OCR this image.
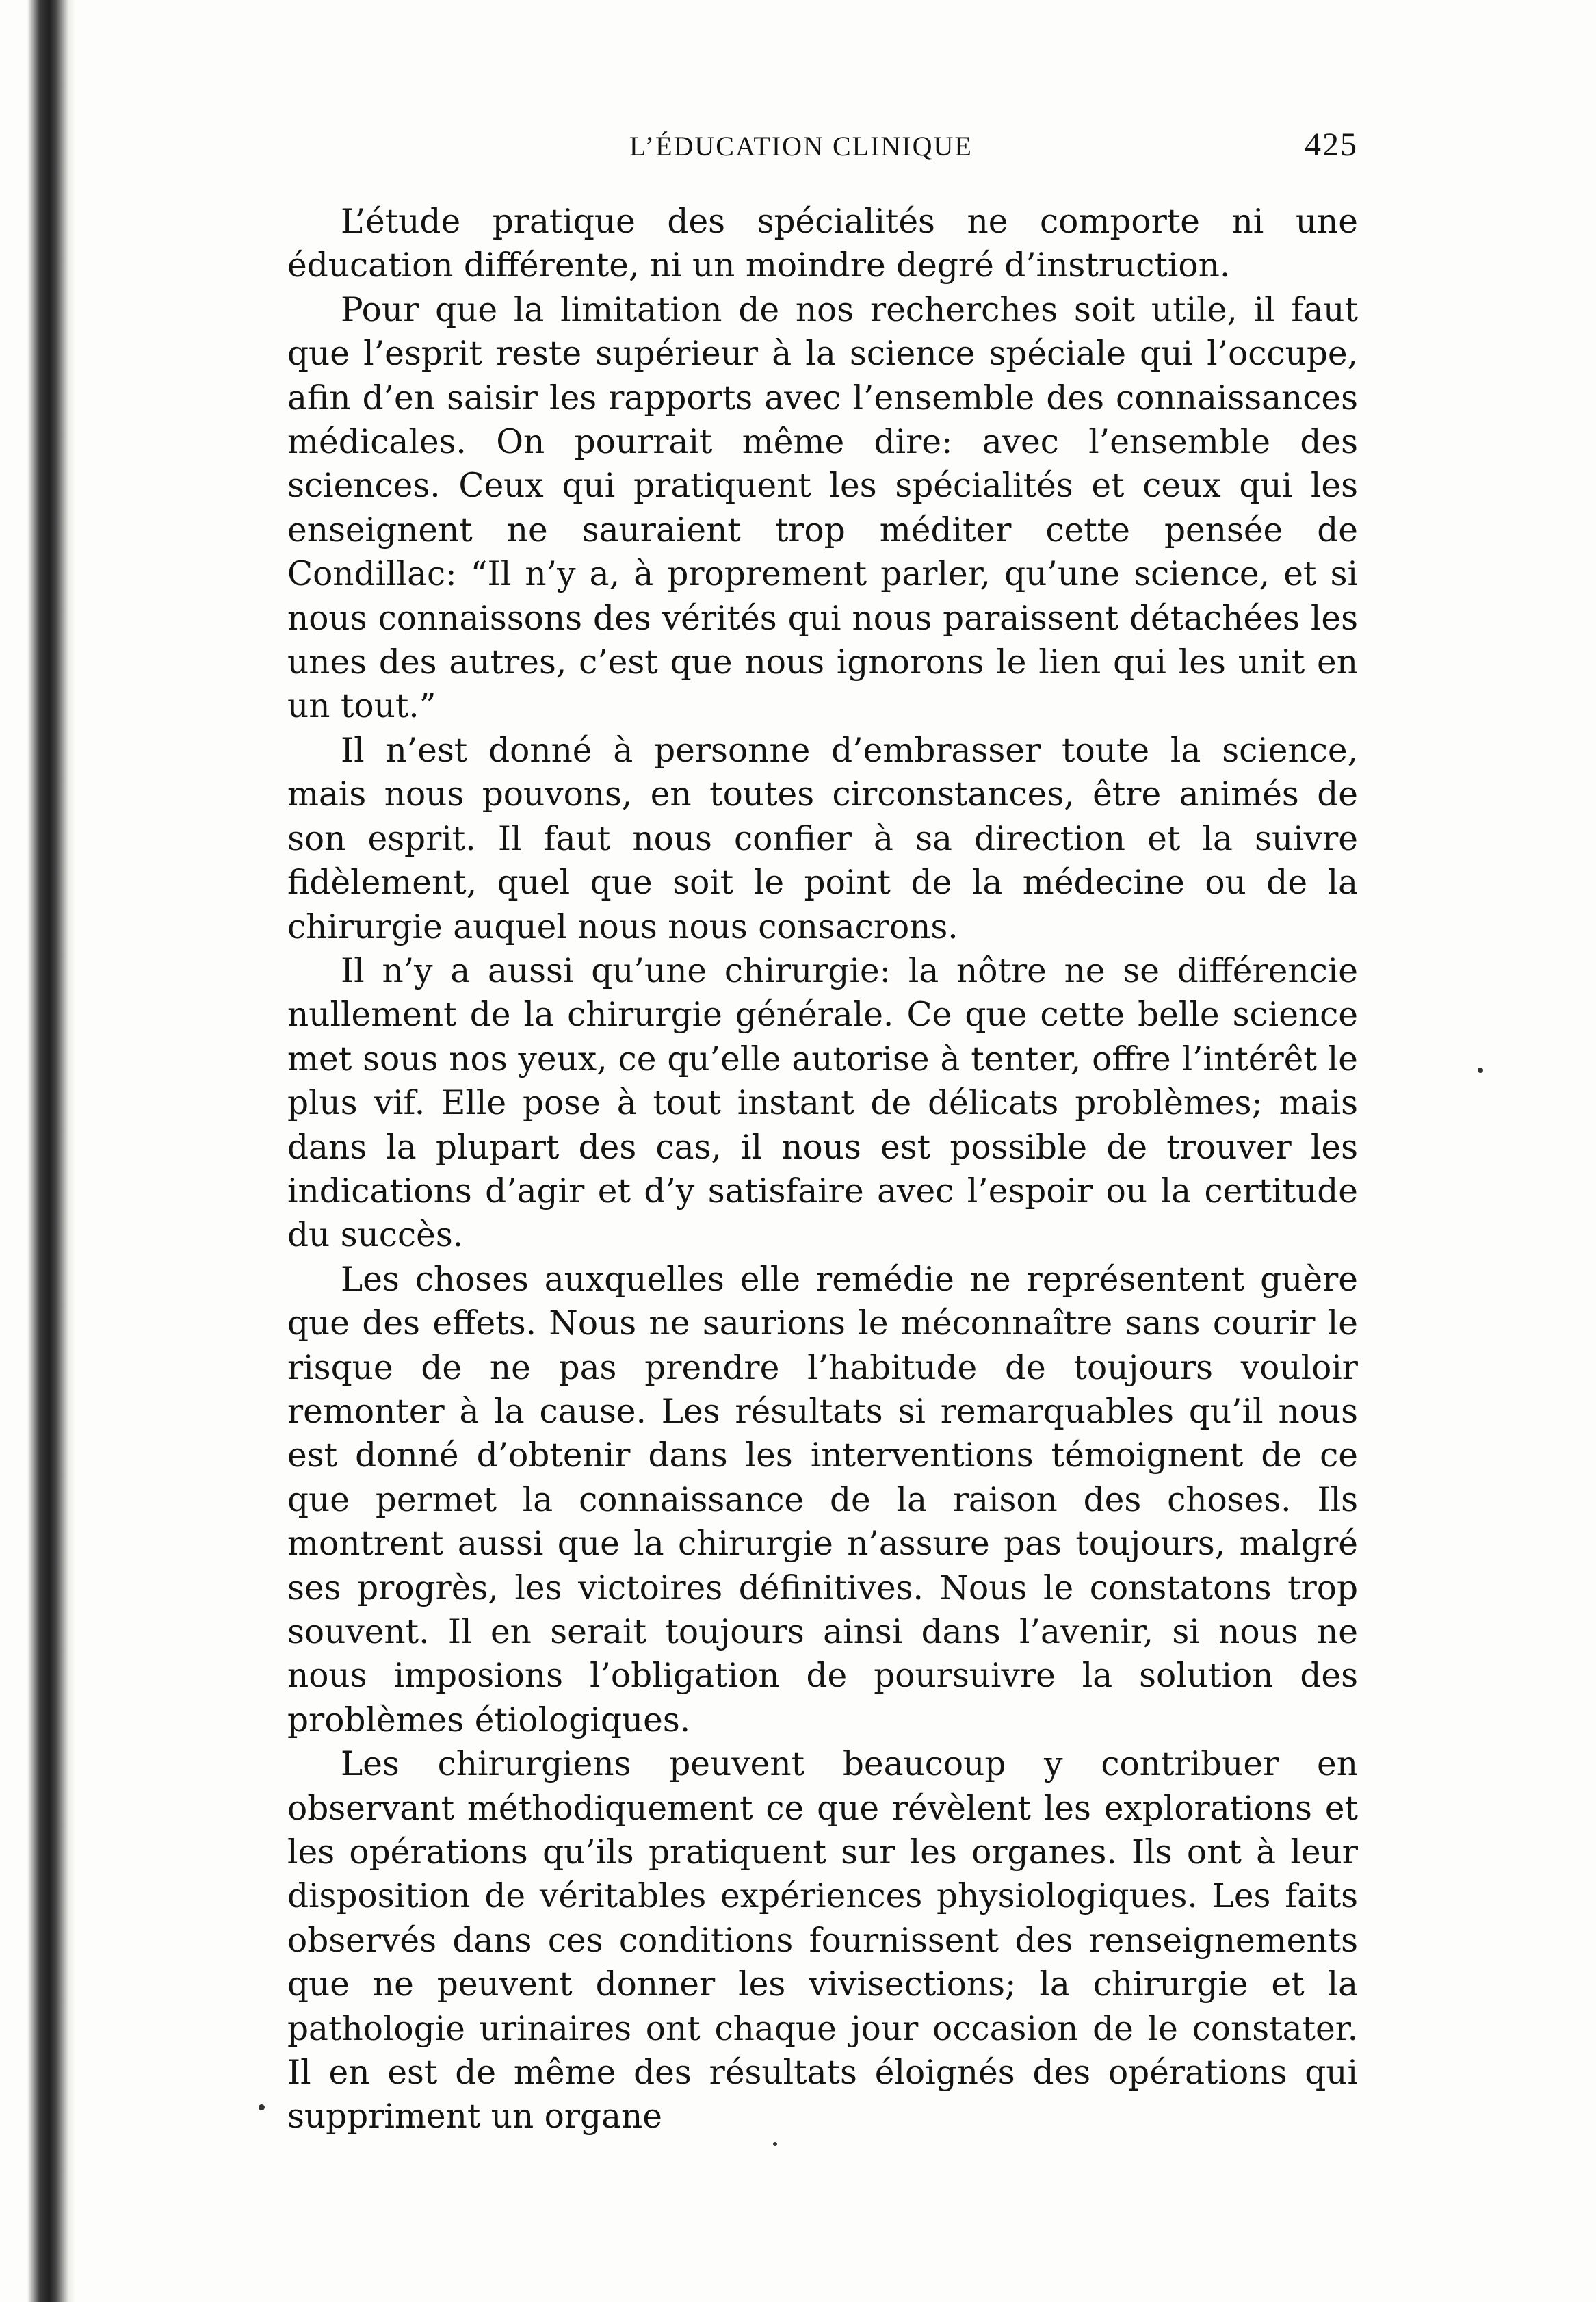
L’ÉDUCATION CLINIQUE	425

L’étude pratique des spécialités ne comporte ni une éducation différente, ni un moindre degré d’instruction.

Pour que la limitation de nos recherches soit utile, il faut que l’esprit reste supérieur à la science spéciale qui l’occupe, afin d’en saisir les rapports avec l’ensemble des connaissances médicales. On pourrait même dire: avec l’ensemble des sciences. Ceux qui pratiquent les spécialités et ceux qui les enseignent ne sauraient trop méditer cette pensée de Condillac: “Il n’y a, à proprement parler, qu’une science, et si nous connaissons des vérités qui nous paraissent détachées les unes des autres, c’est que nous ignorons le lien qui les unit en un tout.”

Il n’est donné à personne d’embrasser toute la science, mais nous pouvons, en toutes circonstances, être animés de son esprit. Il faut nous confier à sa direction et la suivre fidèlement, quel que soit le point de la médecine ou de la chirurgie auquel nous nous consacrons.

Il n’y a aussi qu’une chirurgie: la nôtre ne se différencie nullement de la chirurgie générale. Ce que cette belle science met sous nos yeux, ce qu’elle autorise à tenter, offre l’intérêt le plus vif. Elle pose à tout instant de délicats problèmes; mais dans la plupart des cas, il nous est possible de trouver les indications d’agir et d’y satisfaire avec l’espoir ou la certitude du succès.

Les choses auxquelles elle remédie ne représentent guère que des effets. Nous ne saurions le méconnaître sans courir le risque de ne pas prendre l’habitude de toujours vouloir remonter à la cause. Les résultats si remarquables qu’il nous est donné d’obtenir dans les interventions témoignent de ce que permet la connaissance de la raison des choses. Ils montrent aussi que la chirurgie n’assure pas toujours, malgré ses progrès, les victoires définitives. Nous le constatons trop souvent. Il en serait toujours ainsi dans l’avenir, si nous ne nous imposions l’obligation de poursuivre la solution des problèmes étiologiques.

Les chirurgiens peuvent beaucoup y contribuer en observant méthodiquement ce que révèlent les explorations et les opérations qu’ils pratiquent sur les organes. Ils ont à leur disposition de véritables expériences physiologiques. Les faits observés dans ces conditions fournissent des renseignements que ne peuvent donner les vivisections; la chirurgie et la pathologie urinaires ont chaque jour occasion de le constater. Il en est de même des résultats éloignés des opérations qui suppriment un organe
